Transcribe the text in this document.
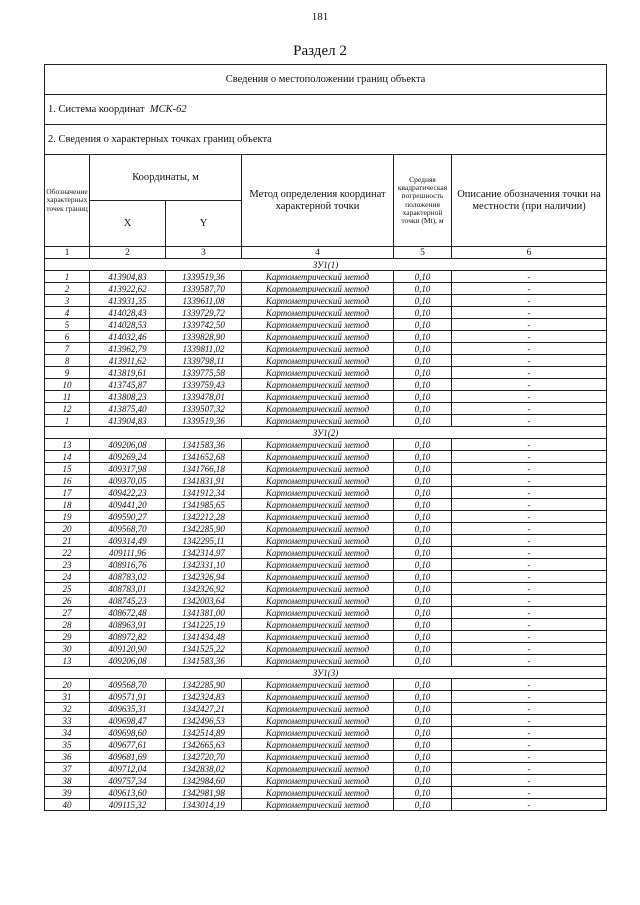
181
Раздел 2
Сведения о местоположении границ объекта					
1. Система координат МСК-62					
2. Сведения о характерных точках границ объекта					
Обозначение характерных точек границ	Координаты, м		Метод определения координат характерной точки	Средняя квадратическая погрешность положения характерной точки (Mt), м	Описание обозначения точки на местности (при наличии)
	X	Y			
1	2	3	4	5	6
ЗУ1(1)					
1	413904,83	1339519,36	Картометрический метод	0,10	-
2	413922,62	1339587,70	Картометрический метод	0,10	-
3	413931,35	1339611,08	Картометрический метод	0,10	-
4	414028,43	1339729,72	Картометрический метод	0,10	-
5	414028,53	1339742,50	Картометрический метод	0,10	-
6	414032,46	1339828,90	Картометрический метод	0,10	-
7	413962,79	1339811,02	Картометрический метод	0,10	-
8	413911,62	1339798,11	Картометрический метод	0,10	-
9	413819,61	1339775,58	Картометрический метод	0,10	-
10	413745,87	1339759,43	Картометрический метод	0,10	-
11	413808,23	1339478,01	Картометрический метод	0,10	-
12	413875,40	1339507,32	Картометрический метод	0,10	-
1	413904,83	1339519,36	Картометрический метод	0,10	-
ЗУ1(2)					
13	409206,08	1341583,36	Картометрический метод	0,10	-
14	409269,24	1341652,68	Картометрический метод	0,10	-
15	409317,98	1341766,18	Картометрический метод	0,10	-
16	409370,05	1341831,91	Картометрический метод	0,10	-
17	409422,23	1341912,34	Картометрический метод	0,10	-
18	409441,20	1341985,65	Картометрический метод	0,10	-
19	409590,27	1342212,28	Картометрический метод	0,10	-
20	409568,70	1342285,90	Картометрический метод	0,10	-
21	409314,49	1342295,11	Картометрический метод	0,10	-
22	409111,96	1342314,97	Картометрический метод	0,10	-
23	408916,76	1342331,10	Картометрический метод	0,10	-
24	408783,02	1342326,94	Картометрический метод	0,10	-
25	408783,01	1342326,92	Картометрический метод	0,10	-
26	408745,23	1342003,64	Картометрический метод	0,10	-
27	408672,48	1341381,00	Картометрический метод	0,10	-
28	408963,91	1341225,19	Картометрический метод	0,10	-
29	408972,82	1341434,48	Картометрический метод	0,10	-
30	409120,90	1341525,22	Картометрический метод	0,10	-
13	409206,08	1341583,36	Картометрический метод	0,10	-
ЗУ1(3)					
20	409568,70	1342285,90	Картометрический метод	0,10	-
31	409571,91	1342324,83	Картометрический метод	0,10	-
32	409635,31	1342427,21	Картометрический метод	0,10	-
33	409698,47	1342496,53	Картометрический метод	0,10	-
34	409698,60	1342514,89	Картометрический метод	0,10	-
35	409677,61	1342665,63	Картометрический метод	0,10	-
36	409681,69	1342720,70	Картометрический метод	0,10	-
37	409712,04	1342838,02	Картометрический метод	0,10	-
38	409757,34	1342984,60	Картометрический метод	0,10	-
39	409613,60	1342981,98	Картометрический метод	0,10	-
40	409115,32	1343014,19	Картометрический метод	0,10	-
